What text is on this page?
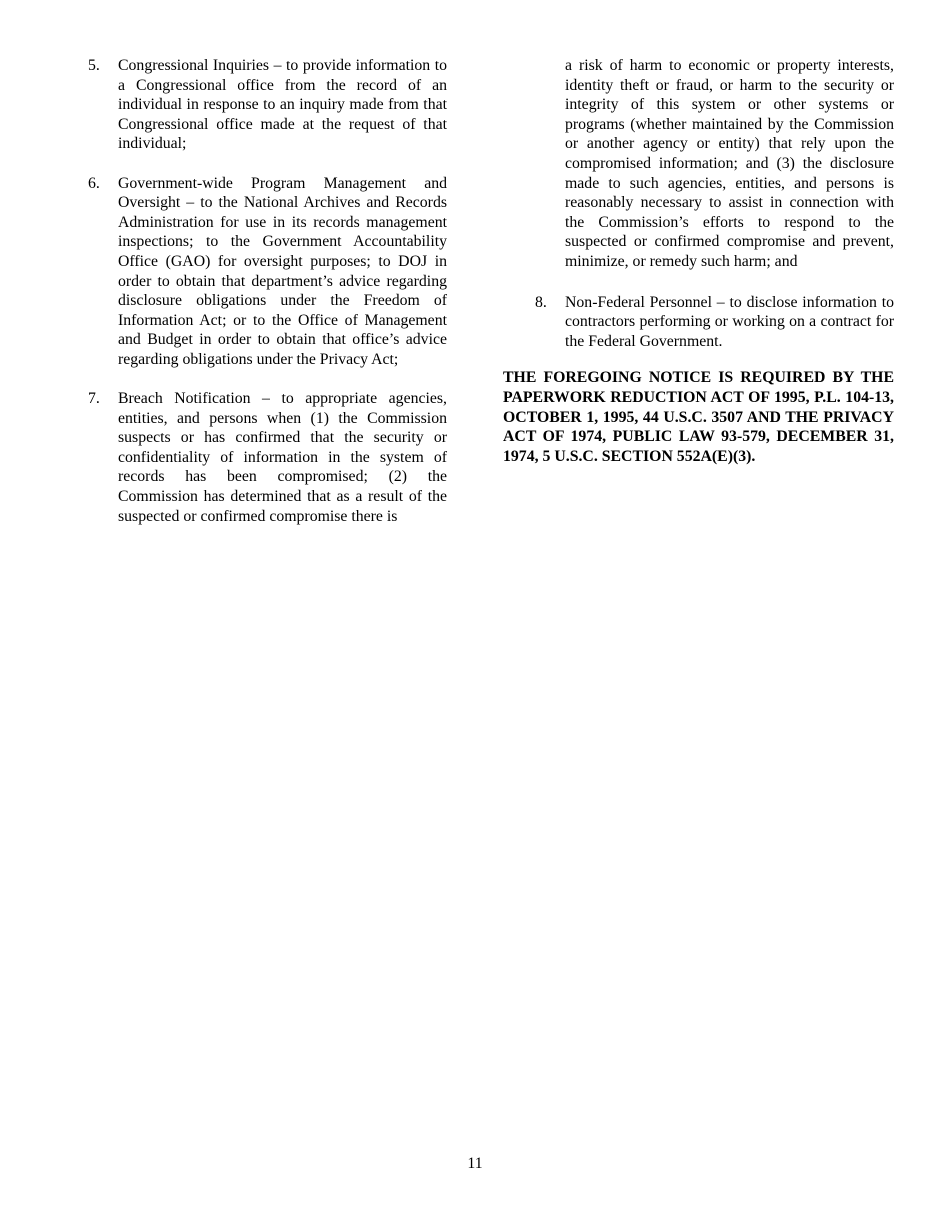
5.	Congressional Inquiries – to provide information to a Congressional office from the record of an individual in response to an inquiry made from that Congressional office made at the request of that individual;
6.	Government-wide Program Management and Oversight – to the National Archives and Records Administration for use in its records management inspections; to the Government Accountability Office (GAO) for oversight purposes; to DOJ in order to obtain that department’s advice regarding disclosure obligations under the Freedom of Information Act; or to the Office of Management and Budget in order to obtain that office’s advice regarding obligations under the Privacy Act;
7.	Breach Notification – to appropriate agencies, entities, and persons when (1) the Commission suspects or has confirmed that the security or confidentiality of information in the system of records has been compromised; (2) the Commission has determined that as a result of the suspected or confirmed compromise there is
a risk of harm to economic or property interests, identity theft or fraud, or harm to the security or integrity of this system or other systems or programs (whether maintained by the Commission or another agency or entity) that rely upon the compromised information; and (3) the disclosure made to such agencies, entities, and persons is reasonably necessary to assist in connection with the Commission’s efforts to respond to the suspected or confirmed compromise and prevent, minimize, or remedy such harm; and
8.	Non-Federal Personnel – to disclose information to contractors performing or working on a contract for the Federal Government.
THE FOREGOING NOTICE IS REQUIRED BY THE PAPERWORK REDUCTION ACT OF 1995, P.L. 104-13, OCTOBER 1, 1995, 44 U.S.C. 3507 AND THE PRIVACY ACT OF 1974, PUBLIC LAW 93-579, DECEMBER 31, 1974, 5 U.S.C. SECTION 552A(E)(3).
11
